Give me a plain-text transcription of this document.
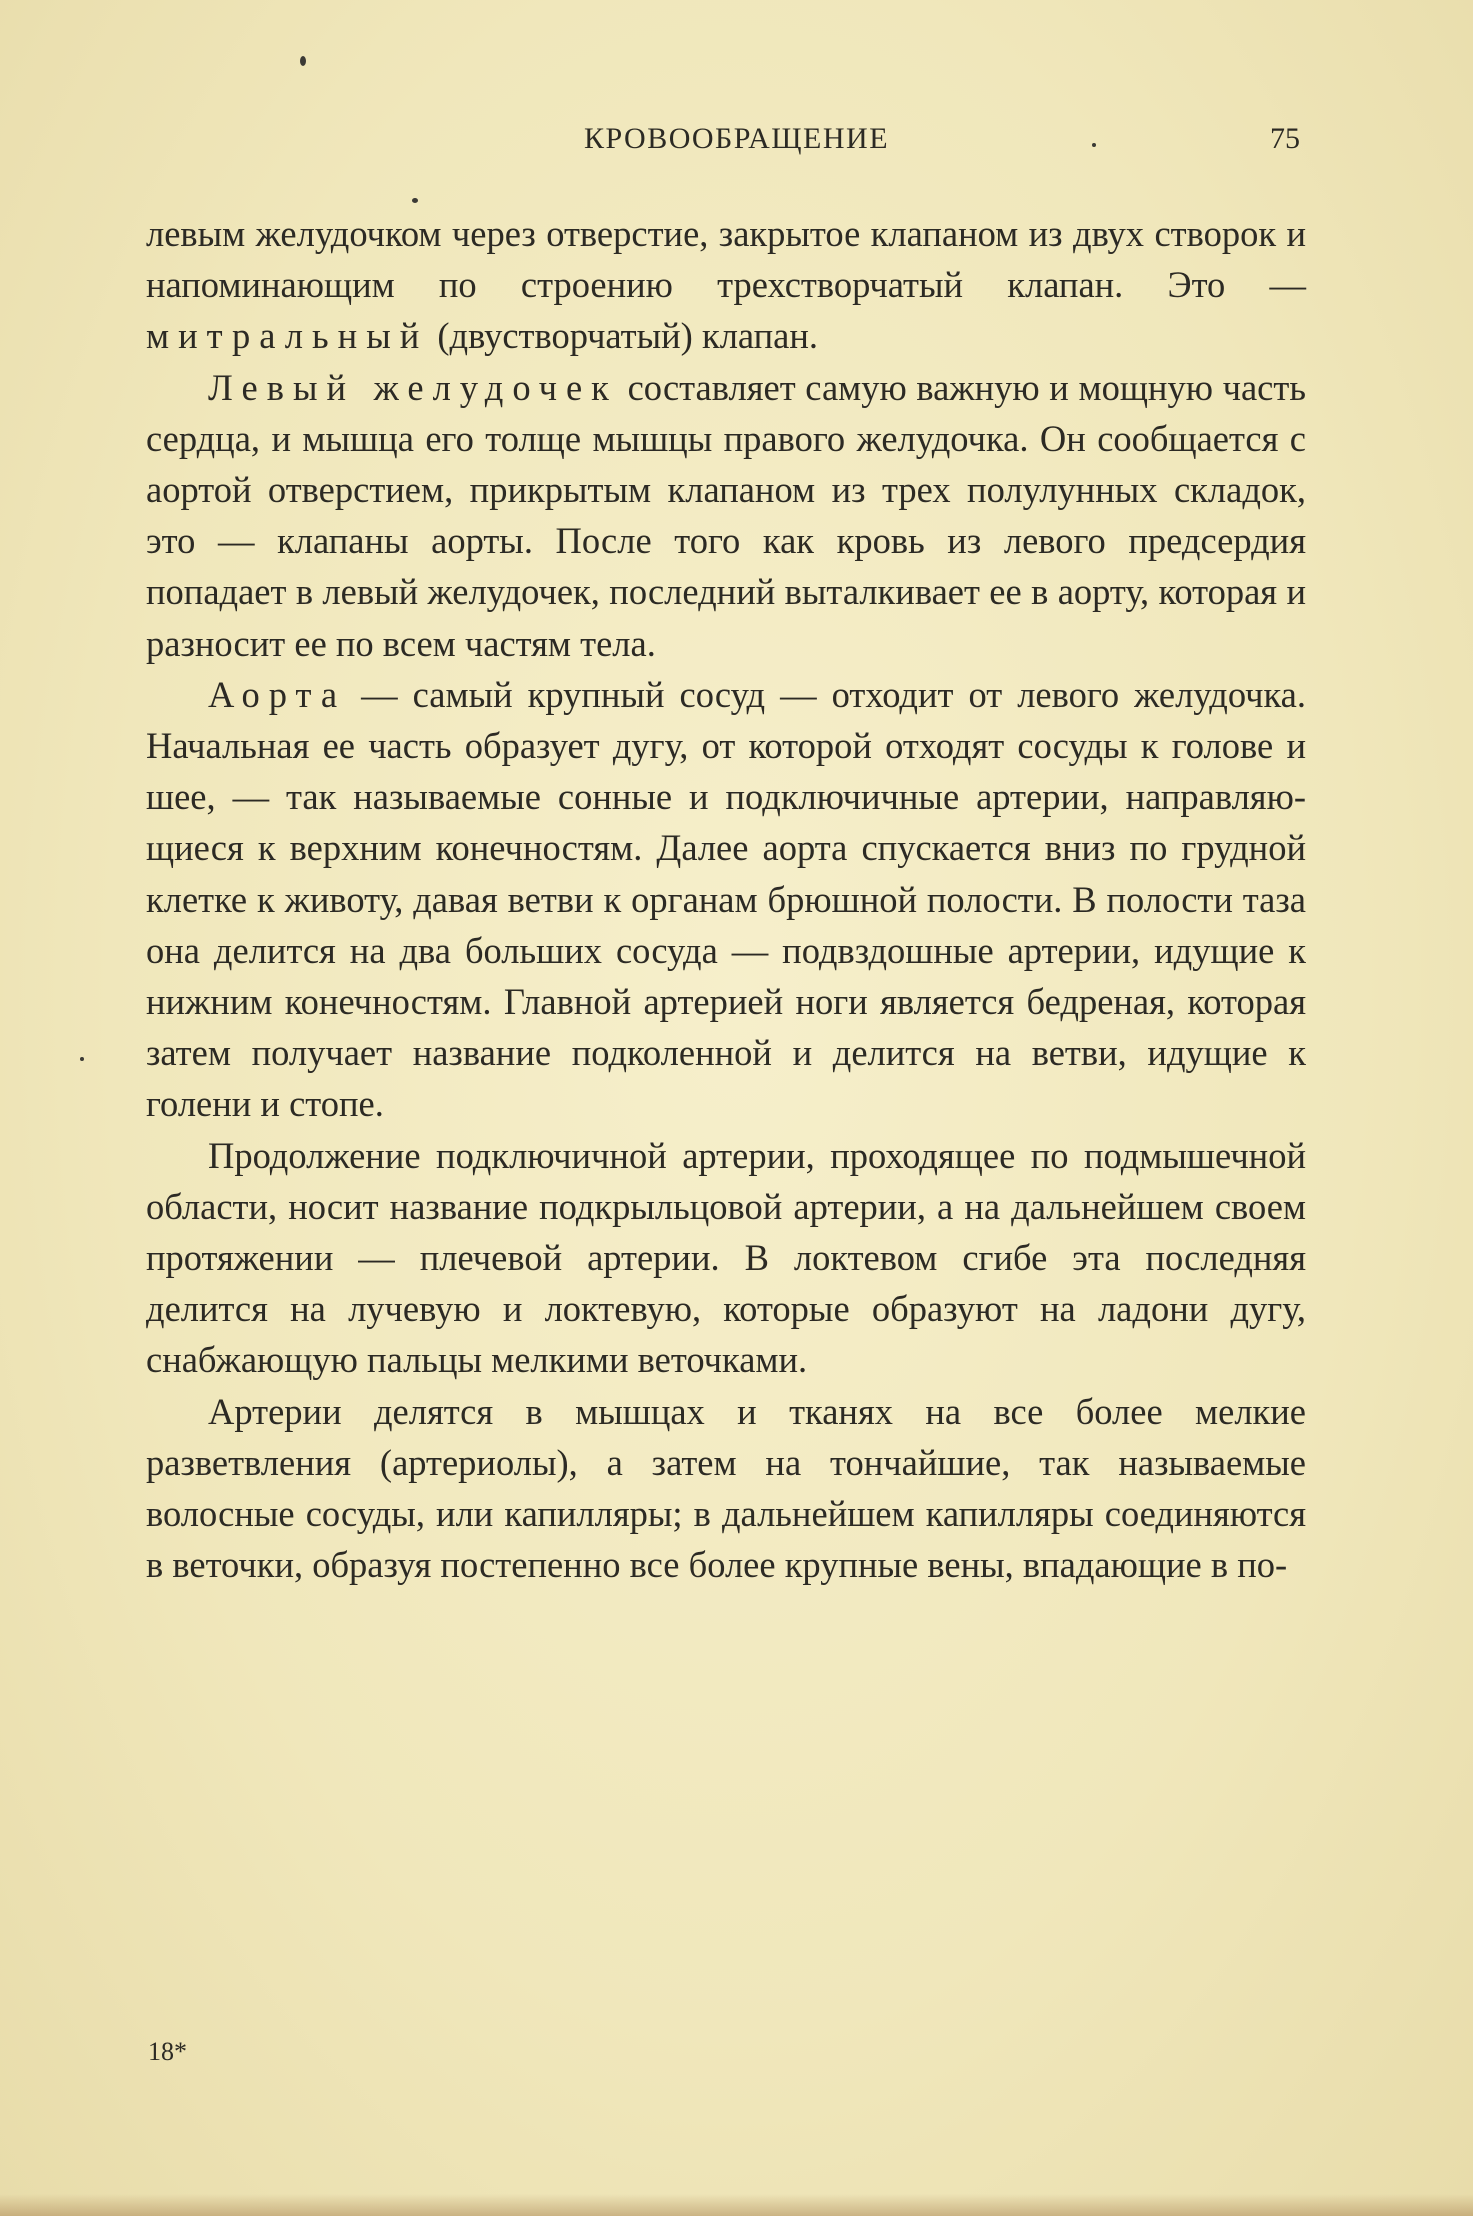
КРОВООБРАЩЕНИЕ	75

левым желудочком через отверстие, закрытое клапаном из двух створок и напоминающим по строению трехстворчатый клапан. Это — митральный (двустворчатый) клапан.

Левый желудочек составляет самую важную и мощную часть сердца, и мышца его толще мышцы правого желудочка. Он сообщается с аортой отверстием, прикрытым клапаном из трех полулунных складок, это — клапаны аорты. После того как кровь из левого предсердия попадает в левый желудочек, последний выталкивает ее в аорту, которая и разносит ее по всем частям тела.

Аорта — самый крупный сосуд — отходит от левого желудочка. Начальная ее часть образует дугу, от которой отходят сосуды к голове и шее, — так называемые сонные и подключичные артерии, направляющиеся к верхним конечностям. Далее аорта спускается вниз по грудной клетке к животу, давая ветви к органам брюшной полости. В полости таза она делится на два больших сосуда — подвздошные артерии, идущие к нижним конечностям. Главной артерией ноги является бедреная, которая затем получает название подколенной и делится на ветви, идущие к голени и стопе.

Продолжение подключичной артерии, проходящее по подмышечной области, носит название подкрыльцовой артерии, а на дальнейшем своем протяжении — плечевой артерии. В локтевом сгибе эта последняя делится на лучевую и локтевую, которые образуют на ладони дугу, снабжающую пальцы мелкими веточками.

Артерии делятся в мышцах и тканях на все более мелкие разветвления (артериолы), а затем на тончайшие, так называемые волосные сосуды, или капилляры; в дальнейшем капилляры соединяются в веточки, образуя постепенно все более крупные вены, впадающие в по-

18*
